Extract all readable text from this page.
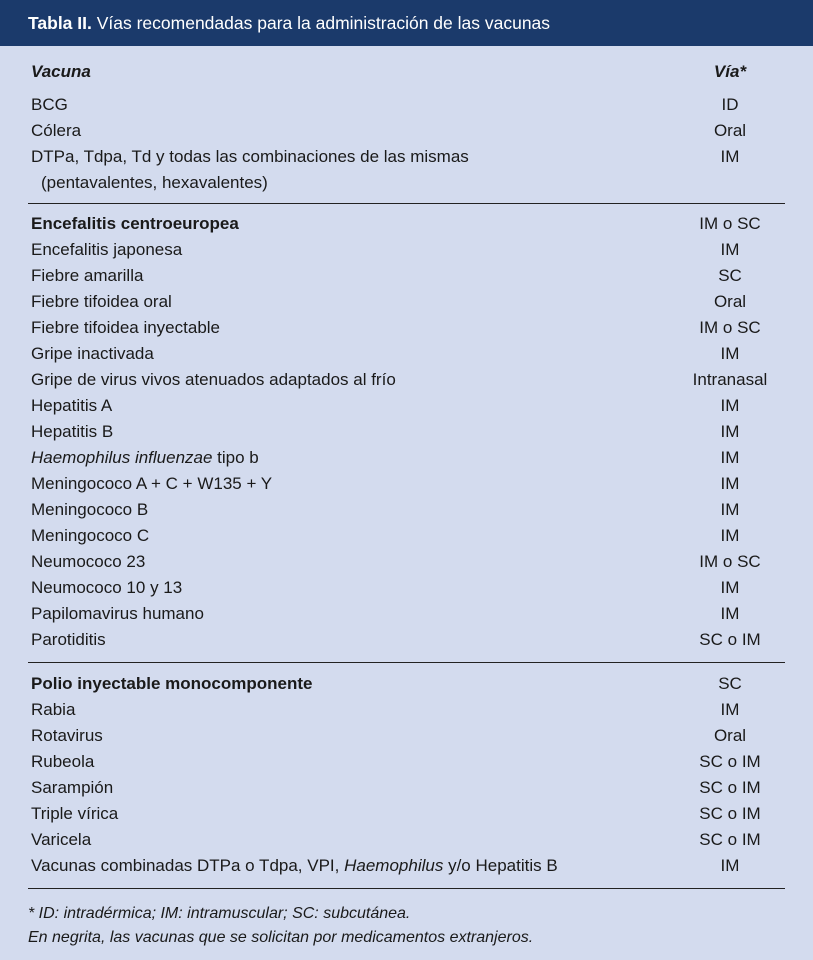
Tabla II. Vías recomendadas para la administración de las vacunas
Vacuna	Vía*
BCG	ID
Cólera	Oral
DTPa, Tdpa, Td y todas las combinaciones de las mismas	IM
(pentavalentes, hexavalentes)
Encefalitis centroeuropea	IM o SC
Encefalitis japonesa	IM
Fiebre amarilla	SC
Fiebre tifoidea oral	Oral
Fiebre tifoidea inyectable	IM o SC
Gripe inactivada	IM
Gripe de virus vivos atenuados adaptados al frío	Intranasal
Hepatitis A	IM
Hepatitis B	IM
Haemophilus influenzae tipo b	IM
Meningococo A + C + W135 + Y	IM
Meningococo B	IM
Meningococo C	IM
Neumococo 23	IM o SC
Neumococo 10 y 13	IM
Papilomavirus humano	IM
Parotiditis	SC o IM
Polio inyectable monocomponente	SC
Rabia	IM
Rotavirus	Oral
Rubeola	SC o IM
Sarampión	SC o IM
Triple vírica	SC o IM
Varicela	SC o IM
Vacunas combinadas DTPa o Tdpa, VPI, Haemophilus y/o Hepatitis B	IM
* ID: intradérmica; IM: intramuscular; SC: subcutánea.
En negrita, las vacunas que se solicitan por medicamentos extranjeros.
